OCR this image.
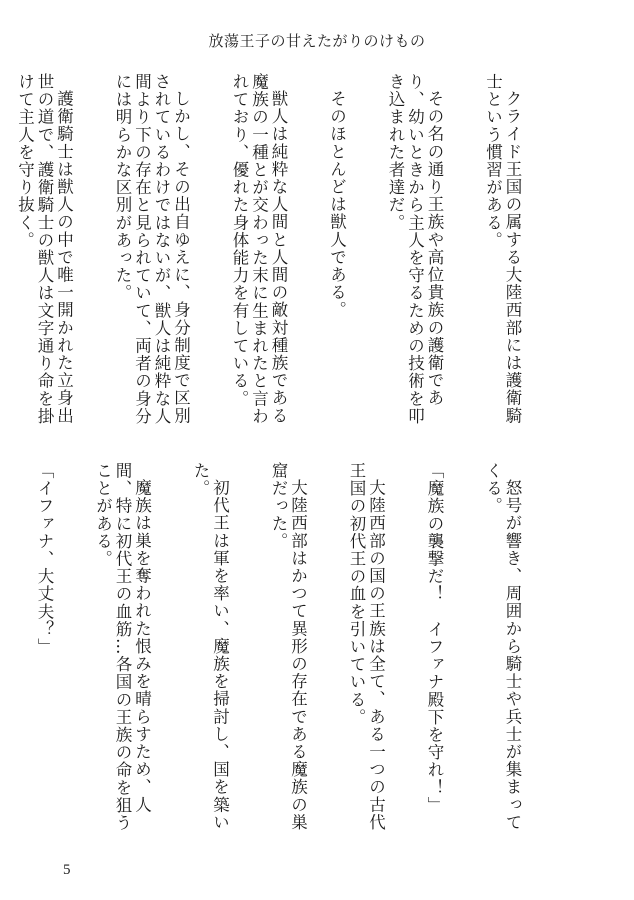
放蕩王子の甘えたがりのけもの

クライド王国の属する大陸西部には護衛騎士という慣習がある。

その名の通り王族や高位貴族の護衛であり、幼いときから主人を守るための技術を叩き込まれた者達だ。

そのほとんどは獣人である。

獣人は純粋な人間と人間の敵対種族である魔族の一種とが交わった末に生まれたと言われており、優れた身体能力を有している。

しかし、その出自ゆえに、身分制度で区別されているわけではないが、獣人は純粋な人間より下の存在と見られていて、両者の身分には明らかな区別があった。

護衛騎士は獣人の中で唯一開かれた立身出世の道で、護衛騎士の獣人は文字通り命を掛けて主人を守り抜く。

怒号が響き、周囲から騎士や兵士が集まってくる。

「魔族の襲撃だ！　イファナ殿下を守れ！」

大陸西部の国の王族は全て、ある一つの古代王国の初代王の血を引いている。

大陸西部はかつて異形の存在である魔族の巣窟だった。

初代王は軍を率い、魔族を掃討し、国を築いた。

魔族は巣を奪われた恨みを晴らすため、人間、特に初代王の血筋…各国の王族の命を狙うことがある。

「イファナ、大丈夫？」

5
